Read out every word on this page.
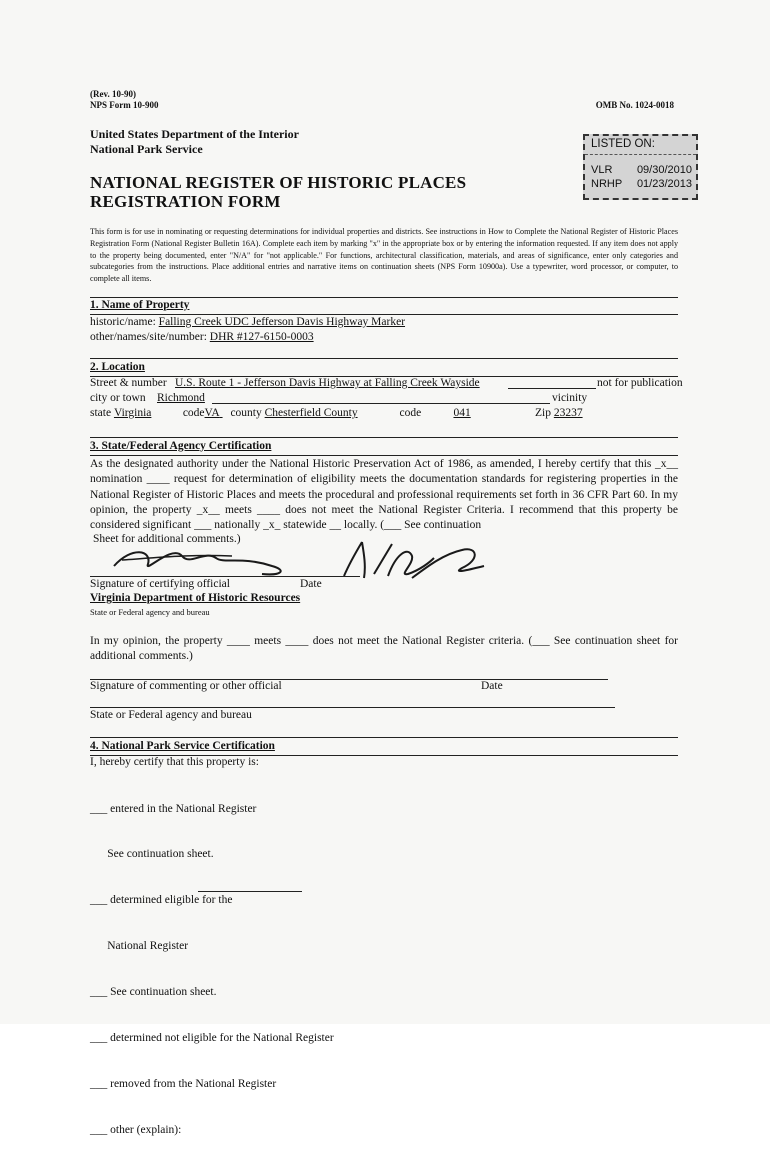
(Rev. 10-90)
NPS Form 10-900	OMB No. 1024-0018
United States Department of the Interior
National Park Service
NATIONAL REGISTER OF HISTORIC PLACES
REGISTRATION FORM
LISTED ON:
VLR 09/30/2010
NRHP 01/23/2013
This form is for use in nominating or requesting determinations for individual properties and districts. See instructions in How to Complete the National Register of Historic Places Registration Form (National Register Bulletin 16A). Complete each item by marking "x" in the appropriate box or by entering the information requested. If any item does not apply to the property being documented, enter "N/A" for "not applicable." For functions, architectural classification, materials, and areas of significance, enter only categories and subcategories from the instructions. Place additional entries and narrative items on continuation sheets (NPS Form 10900a). Use a typewriter, word processor, or computer, to complete all items.
1. Name of Property
historic/name: Falling Creek UDC Jefferson Davis Highway Marker
other/names/site/number: DHR #127-6150-0003
2. Location
Street & number U.S. Route 1 - Jefferson Davis Highway at Falling Creek Wayside	not for publication
city or town Richmond	vicinity
state Virginia	codeVA county Chesterfield County	code	041	Zip 23237
3. State/Federal Agency Certification
As the designated authority under the National Historic Preservation Act of 1986, as amended, I hereby certify that this _x__ nomination ____ request for determination of eligibility meets the documentation standards for registering properties in the National Register of Historic Places and meets the procedural and professional requirements set forth in 36 CFR Part 60. In my opinion, the property _x__ meets ____ does not meet the National Register Criteria. I recommend that this property be considered significant ___ nationally _x_ statewide __ locally. (___ See continuation
Sheet for additional comments.)
Signature of certifying official	Date
Virginia Department of Historic Resources
State or Federal agency and bureau
In my opinion, the property ____ meets ____ does not meet the National Register criteria. (___ See continuation sheet for additional comments.)
Signature of commenting or other official	Date
State or Federal agency and bureau
4. National Park Service Certification
I, hereby certify that this property is:

___ entered in the National Register

See continuation sheet.

___ determined eligible for the

National Register

___ See continuation sheet.

___ determined not eligible for the National Register

___ removed from the National Register

___ other (explain):
